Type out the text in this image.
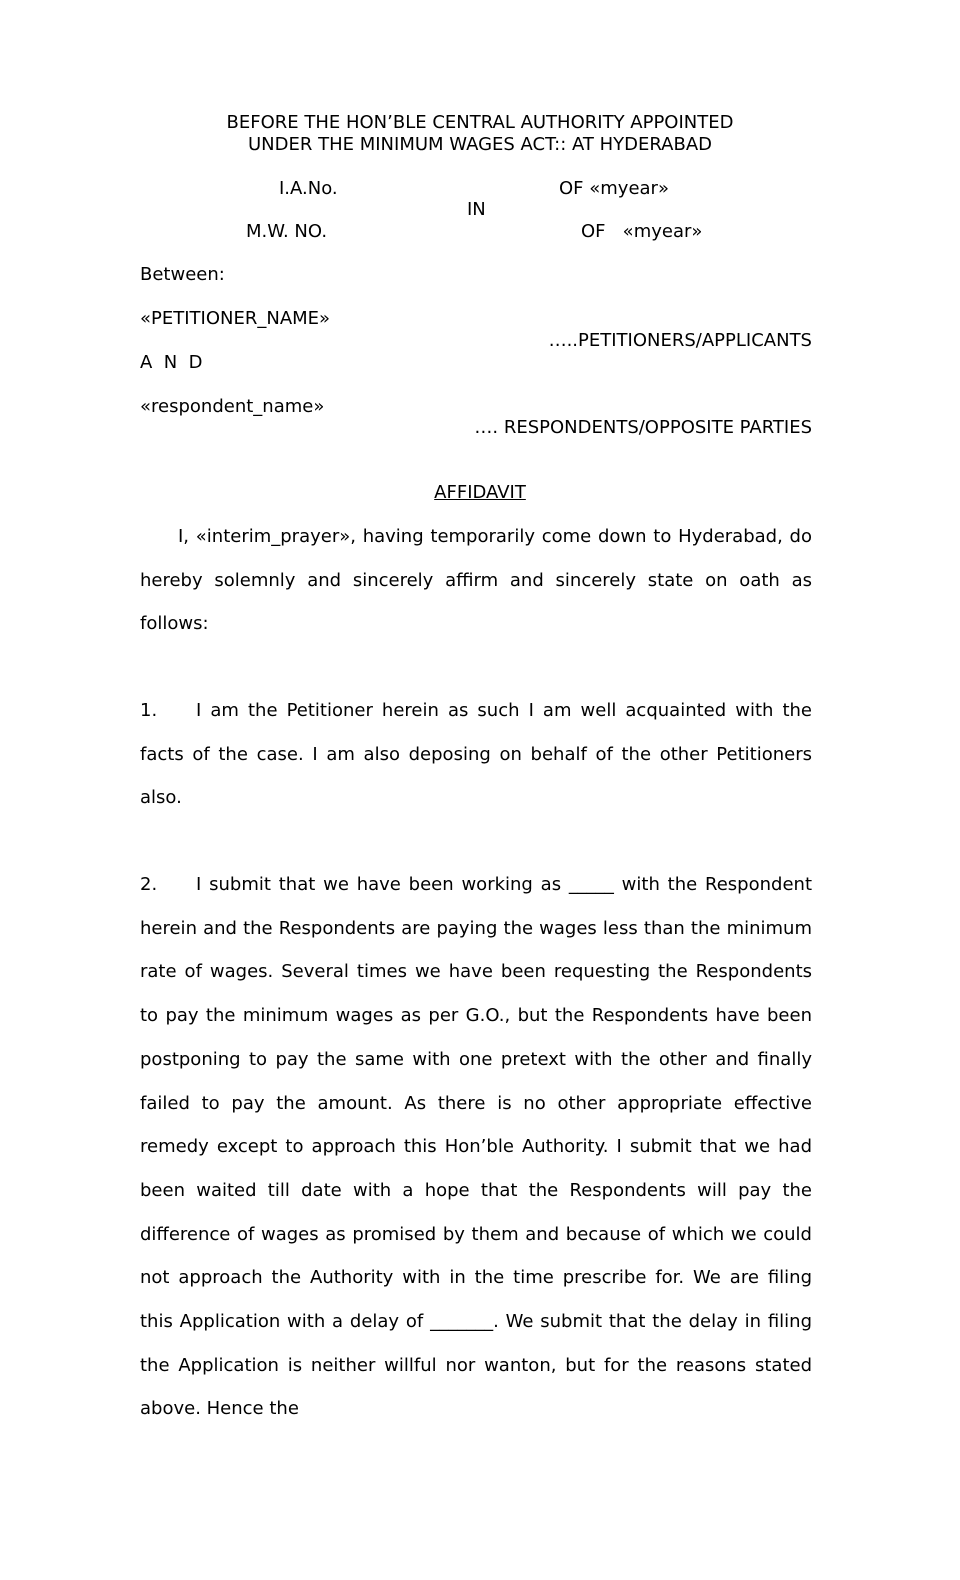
BEFORE THE HON’BLE CENTRAL AUTHORITY APPOINTED
UNDER THE MINIMUM WAGES ACT:: AT HYDERABAD
I.A.No.	OF «myear»
IN
M.W. NO.	OF   «myear»
Between:
«PETITIONER_NAME»
…..PETITIONERS/APPLICANTS
A  N  D
«respondent_name»
…. RESPONDENTS/OPPOSITE PARTIES
AFFIDAVIT

I, «interim_prayer», having temporarily come down to Hyderabad, do hereby solemnly and sincerely affirm and sincerely state on oath as follows:

1. I am the Petitioner herein as such I am well acquainted with the facts of the case. I am also deposing on behalf of the other Petitioners also.

2. I submit that we have been working as _____ with the Respondent herein and the Respondents are paying the wages less than the minimum rate of wages. Several times we have been requesting the Respondents to pay the minimum wages as per G.O., but the Respondents have been postponing to pay the same with one pretext with the other and finally failed to pay the amount. As there is no other appropriate effective remedy except to approach this Hon’ble Authority. I submit that we had been waited till date with a hope that the Respondents will pay the difference of wages as promised by them and because of which we could not approach the Authority with in the time prescribe for. We are filing this Application with a delay of _______. We submit that the delay in filing the Application is neither willful nor wanton, but for the reasons stated above. Hence the
